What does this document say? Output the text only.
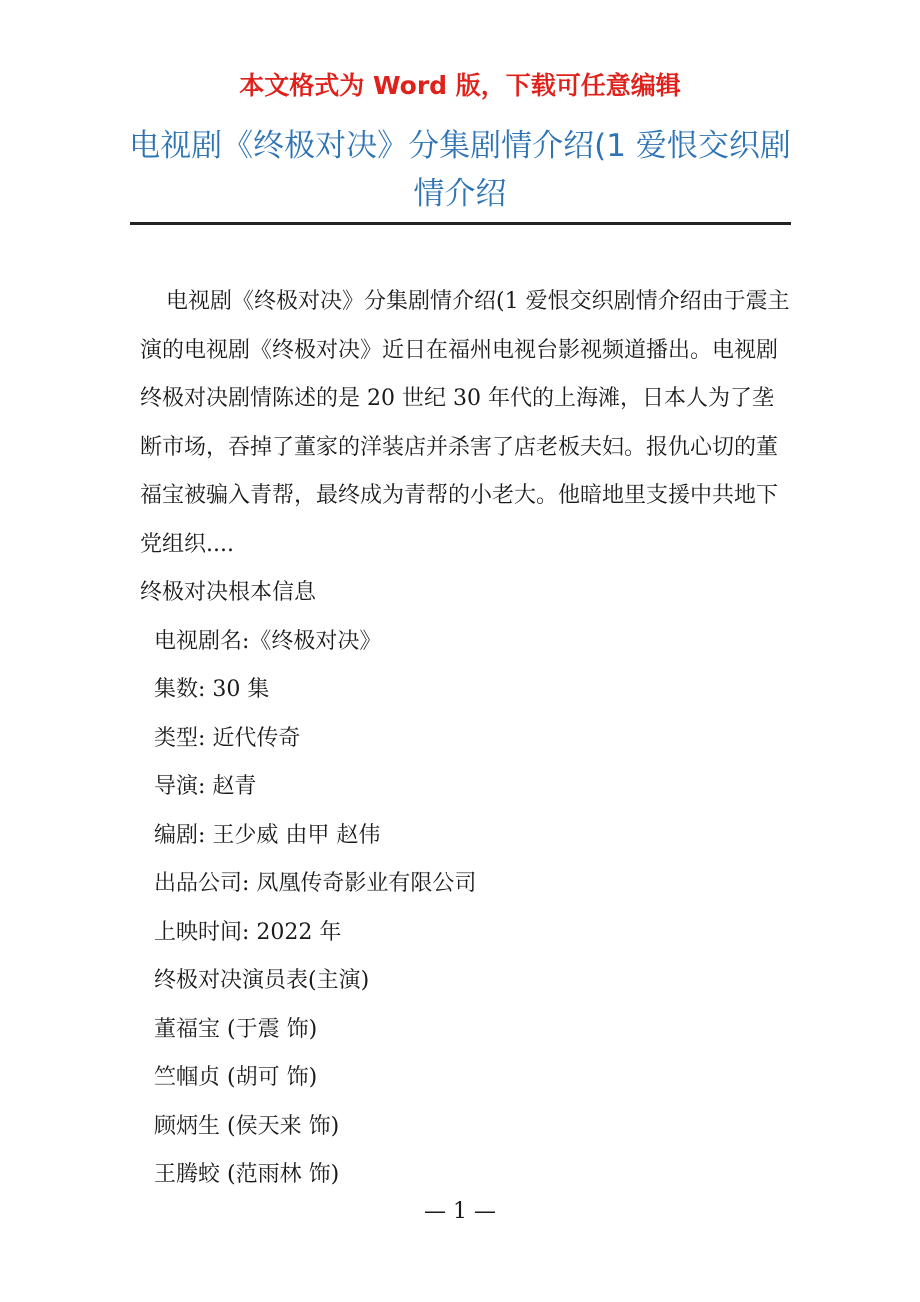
本文格式为 Word 版，下载可任意编辑
电视剧《终极对决》分集剧情介绍(1 爱恨交织剧情介绍

电视剧《终极对决》分集剧情介绍(1 爱恨交织剧情介绍由于震主演的电视剧《终极对决》近日在福州电视台影视频道播出。电视剧终极对决剧情陈述的是 20 世纪 30 年代的上海滩，日本人为了垄断市场，吞掉了董家的洋装店并杀害了店老板夫妇。报仇心切的董福宝被骗入青帮，最终成为青帮的小老大。他暗地里支援中共地下党组织....

终极对决根本信息

电视剧名:《终极对决》

集数: 30 集

类型: 近代传奇

导演: 赵青

编剧: 王少威 由甲 赵伟

出品公司: 凤凰传奇影业有限公司

上映时间: 2022 年

终极对决演员表(主演)

董福宝 (于震 饰)

竺帼贞 (胡可 饰)

顾炳生 (侯天来 饰)

王腾蛟 (范雨林 饰)

— 1 —
